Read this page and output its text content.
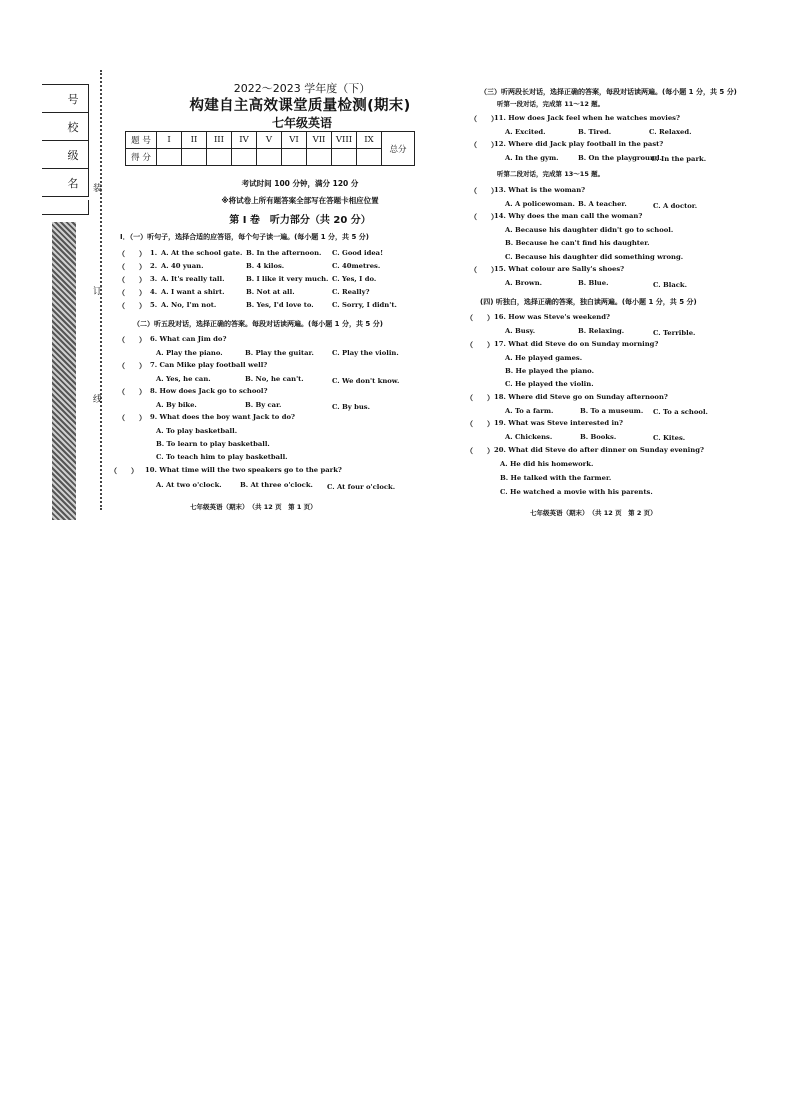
号
校
级
名	装
订
线
2022～2023 学年度（下）
构建自主高效课堂质量检测(期末)
七年级英语
题 号	I	II	III	IV	V	VI	VII	VIII	IX	总分
得 分										
考试时间 100 分钟，满分 120 分
※将试卷上所有题答案全部写在答题卡相应位置
第 I 卷　听力部分（共 20 分）
I．（一）听句子，选择合适的应答语，每个句子读一遍。(每小题 1 分，共 5 分)
（　　） 1. A. At the school gate. B. In the afternoon. C. Good idea!
（　　） 2. A. 40 yuan.	B. 4 kilos.	C. 40metres.
（　　） 3. A. It's really tall.	B. I like it very much. C. Yes, I do.
（　　） 4. A. I want a shirt.	B. Not at all.	C. Really?
（　　） 5. A. No, I'm not.	B. Yes, I'd love to.	C. Sorry, I didn't.
（二）听五段对话，选择正确的答案。每段对话读两遍。(每小题 1 分，共 5 分)
（　　） 6. What can Jim do?
A. Play the piano.	B. Play the guitar.	C. Play the violin.
（　　） 7. Can Mike play football well?
A. Yes, he can.	B. No, he can't.	C. We don't know.
（　　） 8. How does Jack go to school?
A. By bike.	B. By car.	C. By bus.
（　　） 9. What does the boy want Jack to do?
A. To play basketball.
B. To learn to play basketball.
C. To teach him to play basketball.
（　　） 10. What time will the two speakers go to the park?
A. At two o'clock.	B. At three o'clock. C. At four o'clock.
七年级英语（期末）　（共 12 页　第 1 页）
（三）听两段长对话，选择正确的答案，每段对话读两遍。(每小题 1 分，共 5 分)
听第一段对话，完成第 11～12 题。
（　　）
11. How does Jack feel when he watches movies?
A. Excited.	B. Tired.	C. Relaxed.
（　　）
12. Where did Jack play football in the past?
A. In the gym.	B. On the playground.
C. In the park.
听第二段对话，完成第 13～15 题。
（　　）
13. What is the woman?
A. A policewoman. B. A teacher.	C. A doctor.
（　　）
14. Why does the man call the woman?
A. Because his daughter didn't go to school.
B. Because he can't find his daughter.
C. Because his daughter did something wrong.
（　　）
15. What colour are Sally's shoes?
A. Brown.	B. Blue.	C. Black.
(四) 听独白，选择正确的答案，独白读两遍。(每小题 1 分，共 5 分)
（　　） 16. How was Steve's weekend?
A. Busy.	B. Relaxing.	C. Terrible.
（　　） 17. What did Steve do on Sunday morning?
A. He played games.
B. He played the piano.
C. He played the violin.
（　　） 18. Where did Steve go on Sunday afternoon?
A. To a farm.	B. To a museum. C. To a school.
（　　） 19. What was Steve interested in?
A. Chickens.	B. Books.	C. Kites.
（　　） 20. What did Steve do after dinner on Sunday evening?
A. He did his homework.
B. He talked with the farmer.
C. He watched a movie with his parents.
七年级英语（期末）　（共 12 页　第 2 页）
